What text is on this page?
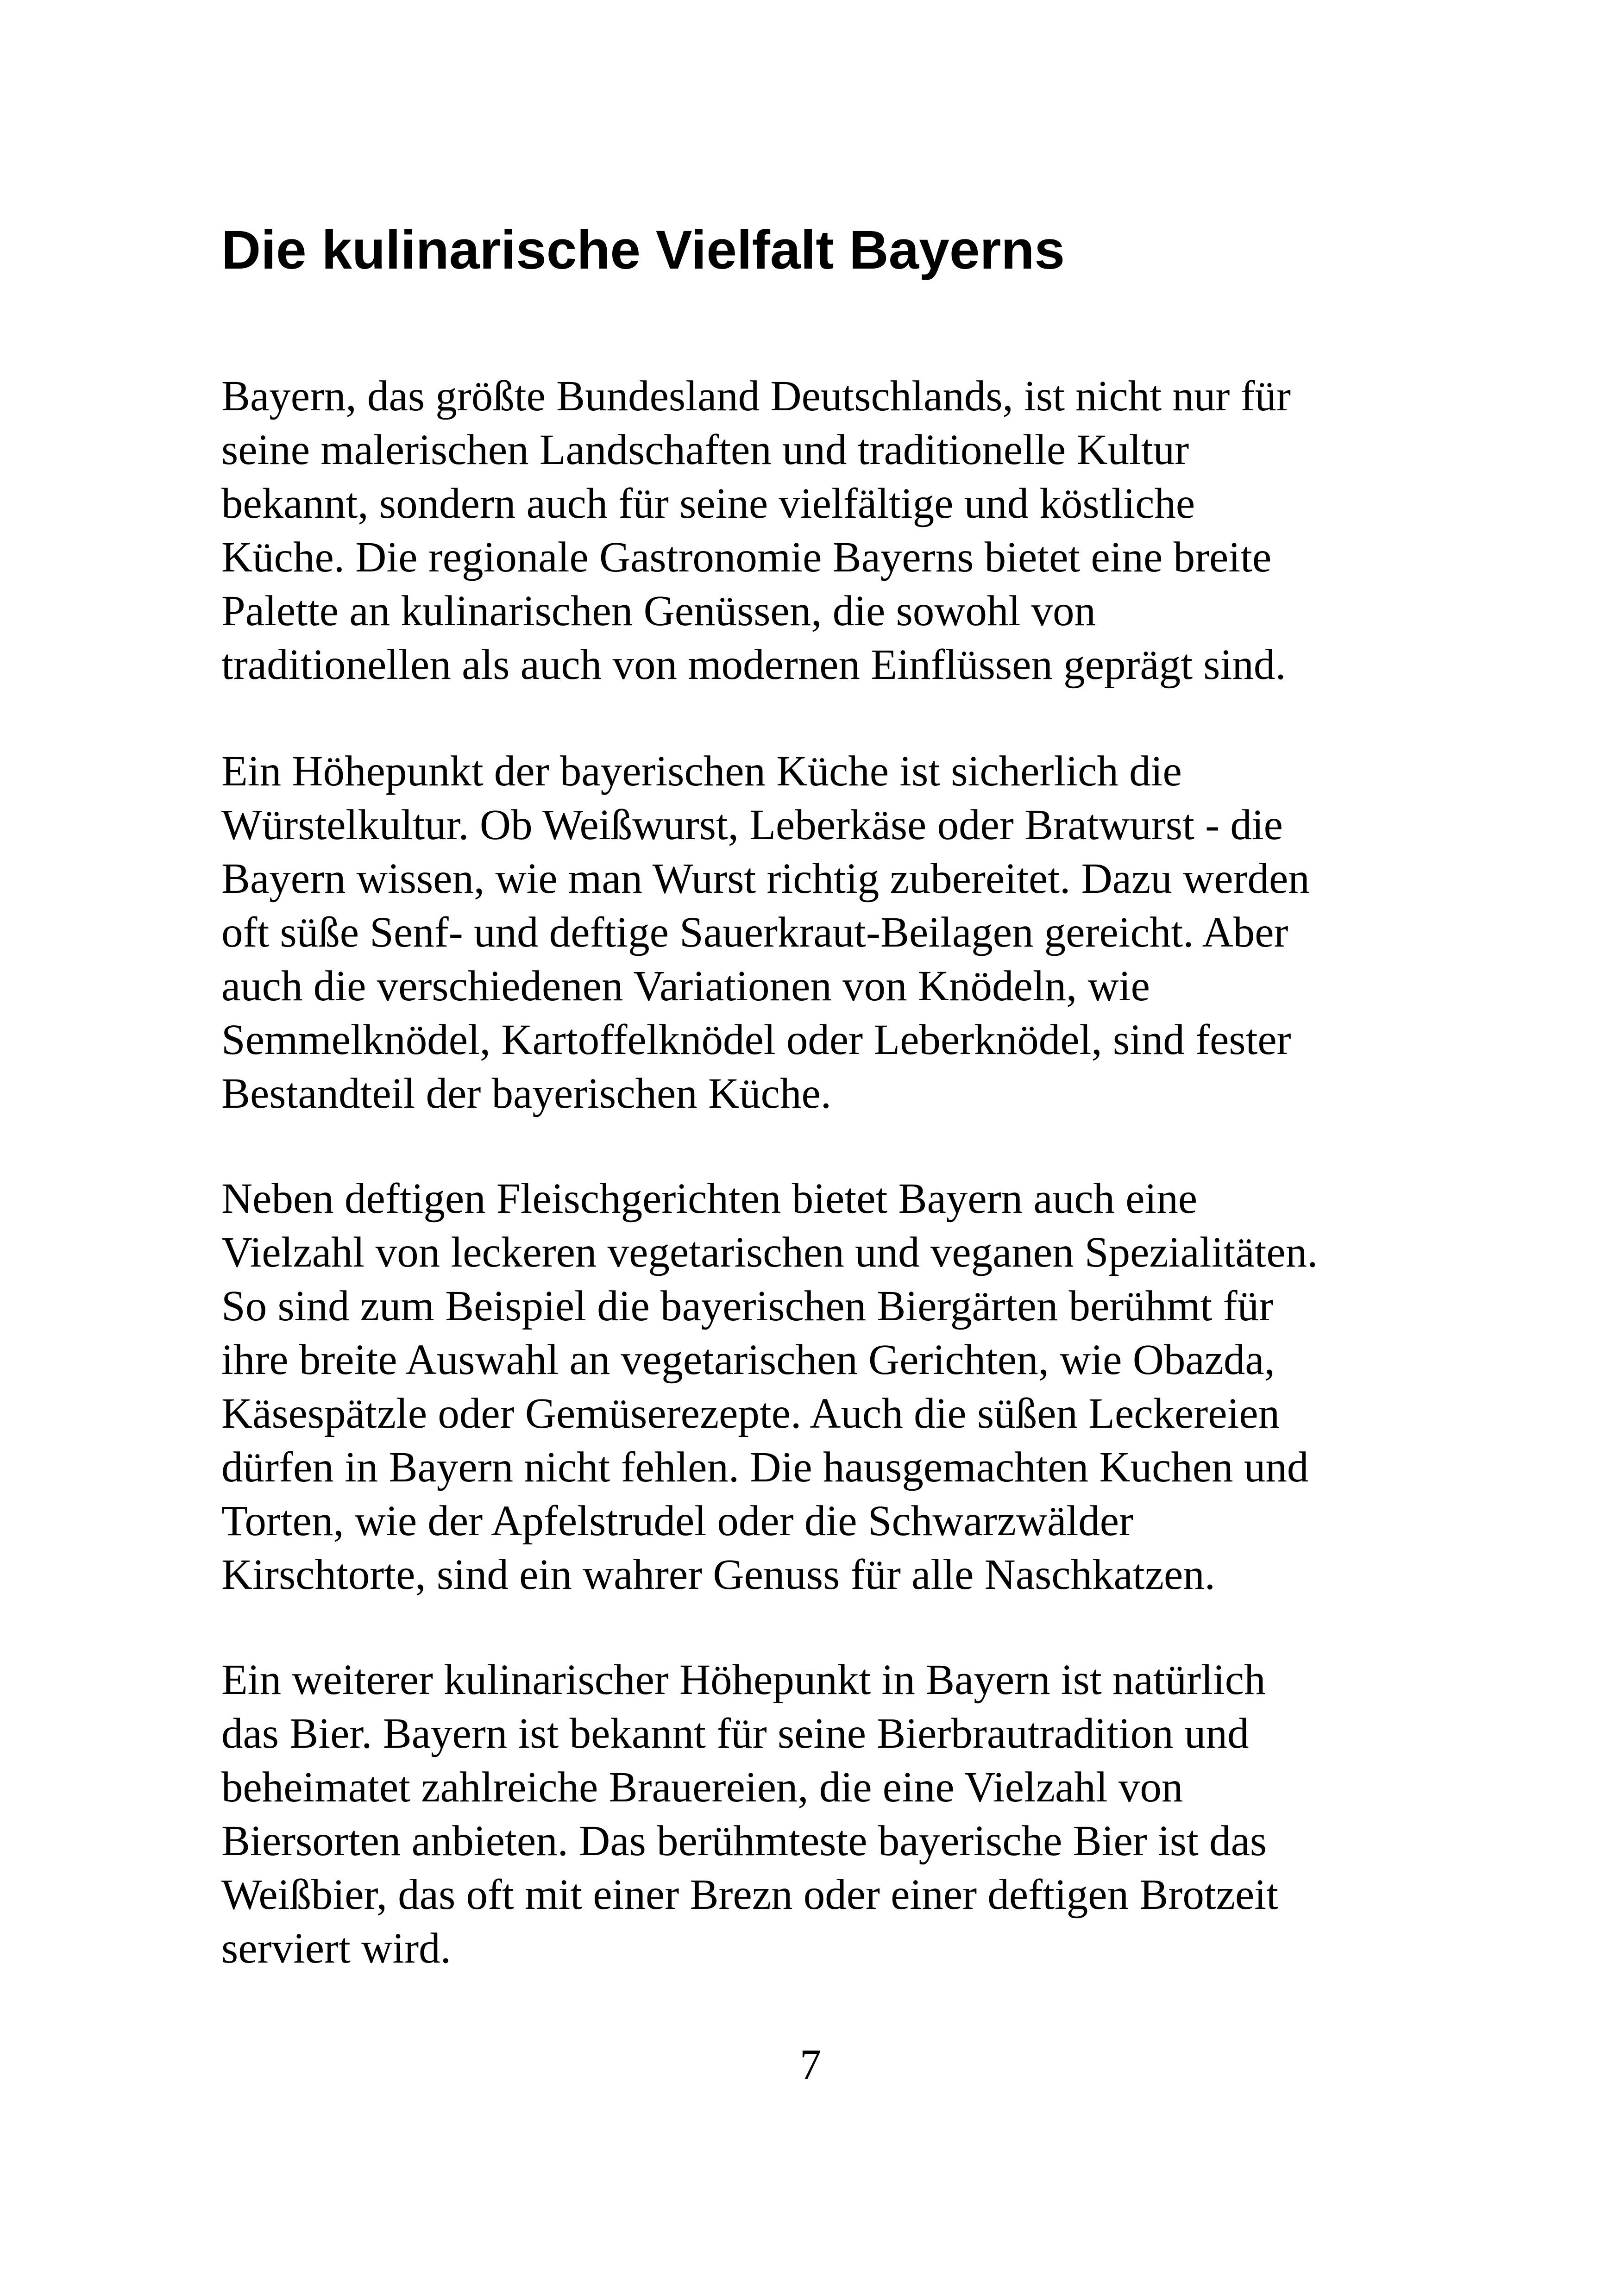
Die kulinarische Vielfalt Bayerns

Bayern, das größte Bundesland Deutschlands, ist nicht nur für
seine malerischen Landschaften und traditionelle Kultur
bekannt, sondern auch für seine vielfältige und köstliche
Küche. Die regionale Gastronomie Bayerns bietet eine breite
Palette an kulinarischen Genüssen, die sowohl von
traditionellen als auch von modernen Einflüssen geprägt sind.

Ein Höhepunkt der bayerischen Küche ist sicherlich die
Würstelkultur. Ob Weißwurst, Leberkäse oder Bratwurst - die
Bayern wissen, wie man Wurst richtig zubereitet. Dazu werden
oft süße Senf- und deftige Sauerkraut-Beilagen gereicht. Aber
auch die verschiedenen Variationen von Knödeln, wie
Semmelknödel, Kartoffelknödel oder Leberknödel, sind fester
Bestandteil der bayerischen Küche.

Neben deftigen Fleischgerichten bietet Bayern auch eine
Vielzahl von leckeren vegetarischen und veganen Spezialitäten.
So sind zum Beispiel die bayerischen Biergärten berühmt für
ihre breite Auswahl an vegetarischen Gerichten, wie Obazda,
Käsespätzle oder Gemüserezepte. Auch die süßen Leckereien
dürfen in Bayern nicht fehlen. Die hausgemachten Kuchen und
Torten, wie der Apfelstrudel oder die Schwarzwälder
Kirschtorte, sind ein wahrer Genuss für alle Naschkatzen.

Ein weiterer kulinarischer Höhepunkt in Bayern ist natürlich
das Bier. Bayern ist bekannt für seine Bierbrautradition und
beheimatet zahlreiche Brauereien, die eine Vielzahl von
Biersorten anbieten. Das berühmteste bayerische Bier ist das
Weißbier, das oft mit einer Brezn oder einer deftigen Brotzeit
serviert wird.

7
